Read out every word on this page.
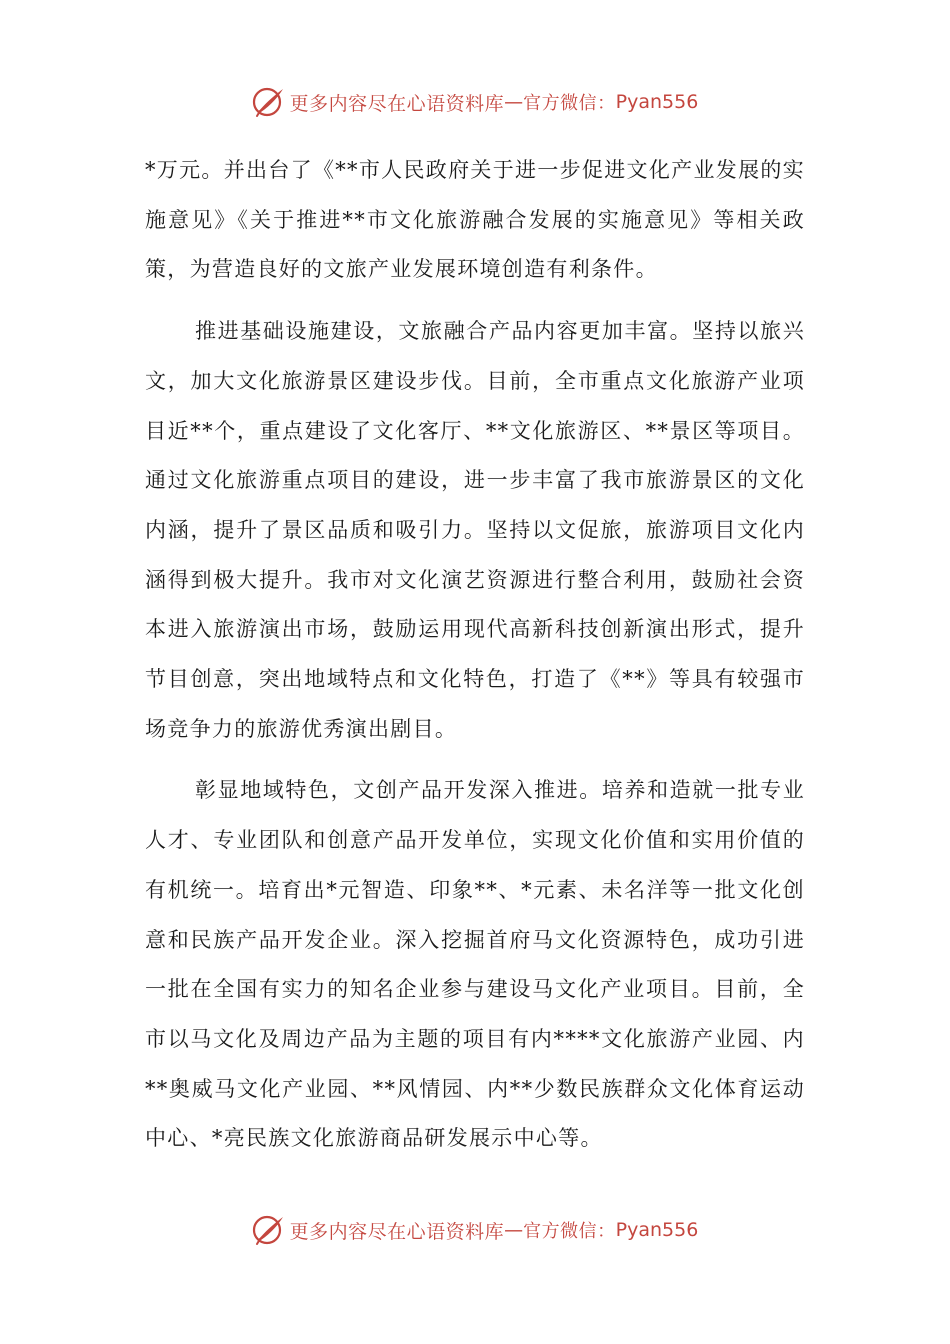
更多内容尽在心语资料库 — 官方微信： Pyan556

*万元。并出台了《**市人民政府关于进一步促进文化产业发展的实施意见》《关于推进**市文化旅游融合发展的实施意见》等相关政策，为营造良好的文旅产业发展环境创造有利条件。

推进基础设施建设，文旅融合产品内容更加丰富。坚持以旅兴文，加大文化旅游景区建设步伐。目前，全市重点文化旅游产业项目近**个，重点建设了文化客厅、**文化旅游区、**景区等项目。通过文化旅游重点项目的建设，进一步丰富了我市旅游景区的文化内涵，提升了景区品质和吸引力。坚持以文促旅，旅游项目文化内涵得到极大提升。我市对文化演艺资源进行整合利用，鼓励社会资本进入旅游演出市场，鼓励运用现代高新科技创新演出形式，提升节目创意，突出地域特点和文化特色，打造了《**》等具有较强市场竞争力的旅游优秀演出剧目。

彰显地域特色，文创产品开发深入推进。培养和造就一批专业人才、专业团队和创意产品开发单位，实现文化价值和实用价值的有机统一。培育出*元智造、印象**、*元素、未名洋等一批文化创意和民族产品开发企业。深入挖掘首府马文化资源特色，成功引进一批在全国有实力的知名企业参与建设马文化产业项目。目前，全市以马文化及周边产品为主题的项目有内****文化旅游产业园、内**奥威马文化产业园、**风情园、内**少数民族群众文化体育运动中心、*亮民族文化旅游商品研发展示中心等。

更多内容尽在心语资料库 — 官方微信： Pyan556
